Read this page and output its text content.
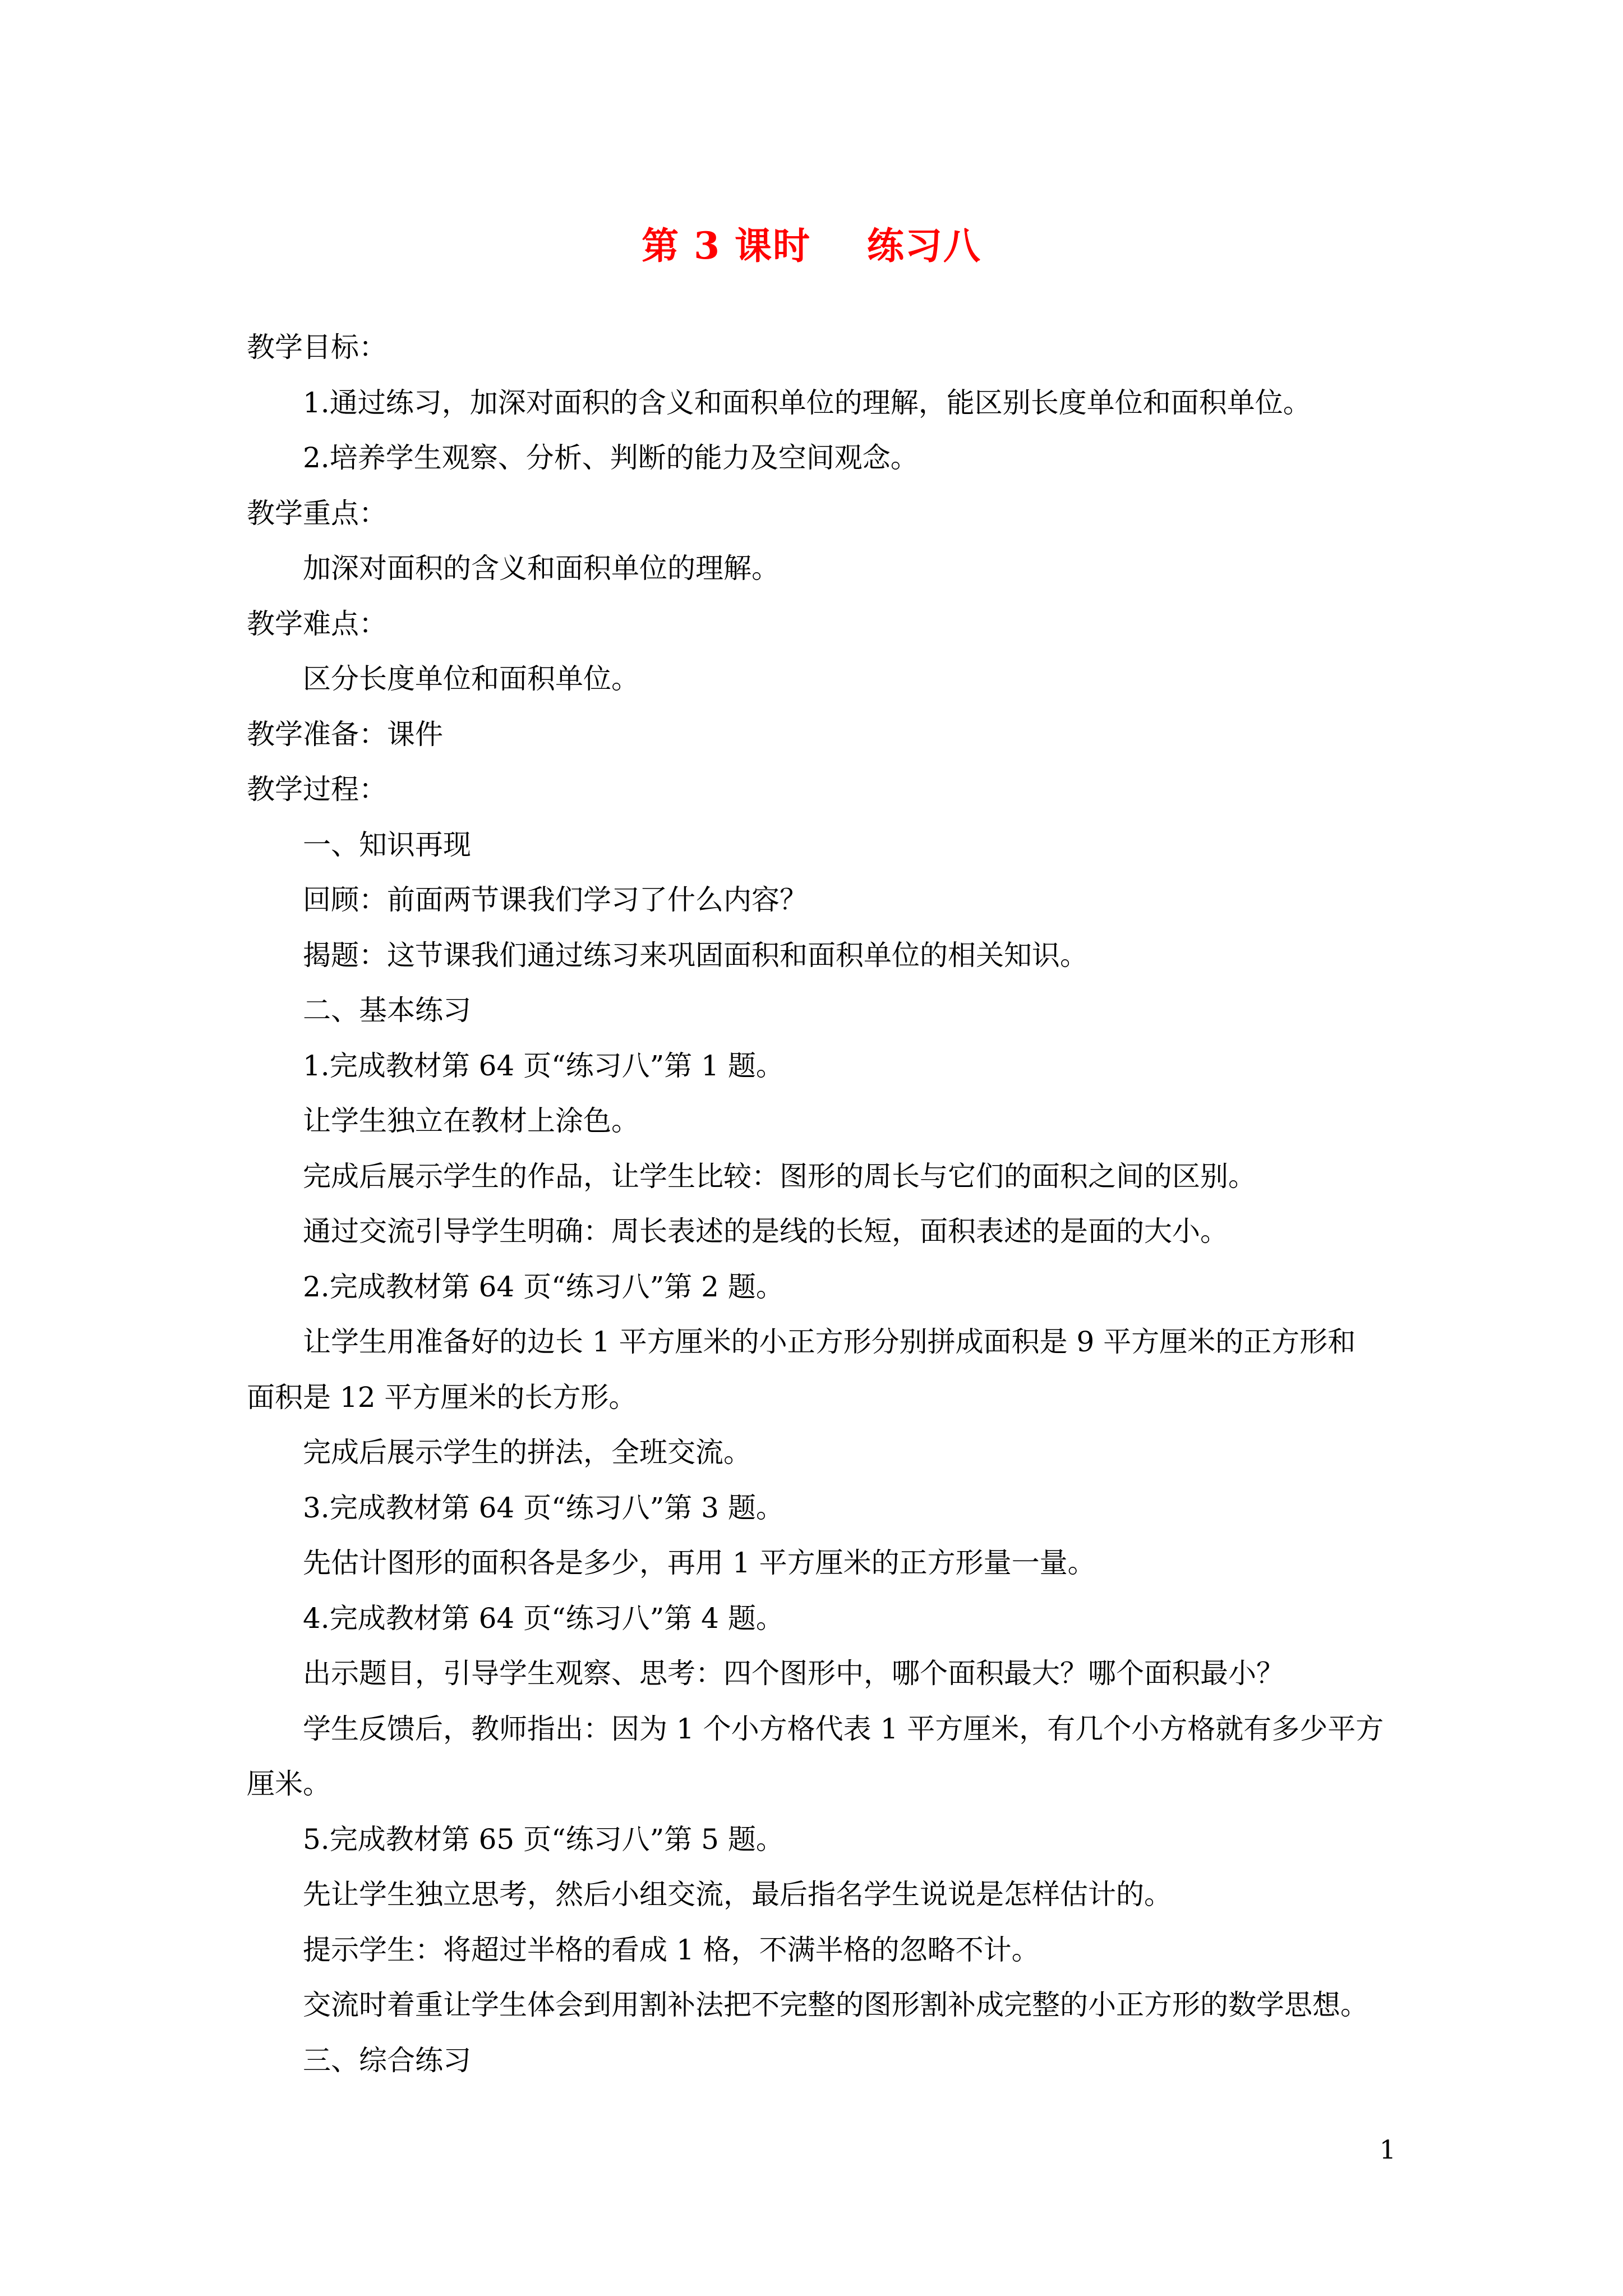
第 3 课时    练习八
教学目标：
1.通过练习，加深对面积的含义和面积单位的理解，能区别长度单位和面积单位。
2.培养学生观察、分析、判断的能力及空间观念。
教学重点：
加深对面积的含义和面积单位的理解。
教学难点：
区分长度单位和面积单位。
教学准备：课件
教学过程：
一、知识再现
回顾：前面两节课我们学习了什么内容？
揭题：这节课我们通过练习来巩固面积和面积单位的相关知识。
二、基本练习
1.完成教材第 64 页“练习八”第 1 题。
让学生独立在教材上涂色。
完成后展示学生的作品，让学生比较：图形的周长与它们的面积之间的区别。
通过交流引导学生明确：周长表述的是线的长短，面积表述的是面的大小。
2.完成教材第 64 页“练习八”第 2 题。
让学生用准备好的边长 1 平方厘米的小正方形分别拼成面积是 9 平方厘米的正方形和
面积是 12 平方厘米的长方形。
完成后展示学生的拼法，全班交流。
3.完成教材第 64 页“练习八”第 3 题。
先估计图形的面积各是多少，再用 1 平方厘米的正方形量一量。
4.完成教材第 64 页“练习八”第 4 题。
出示题目，引导学生观察、思考：四个图形中，哪个面积最大？哪个面积最小？
学生反馈后，教师指出：因为 1 个小方格代表 1 平方厘米，有几个小方格就有多少平方
厘米。
5.完成教材第 65 页“练习八”第 5 题。
先让学生独立思考，然后小组交流，最后指名学生说说是怎样估计的。
提示学生：将超过半格的看成 1 格，不满半格的忽略不计。
交流时着重让学生体会到用割补法把不完整的图形割补成完整的小正方形的数学思想。
三、综合练习
1
